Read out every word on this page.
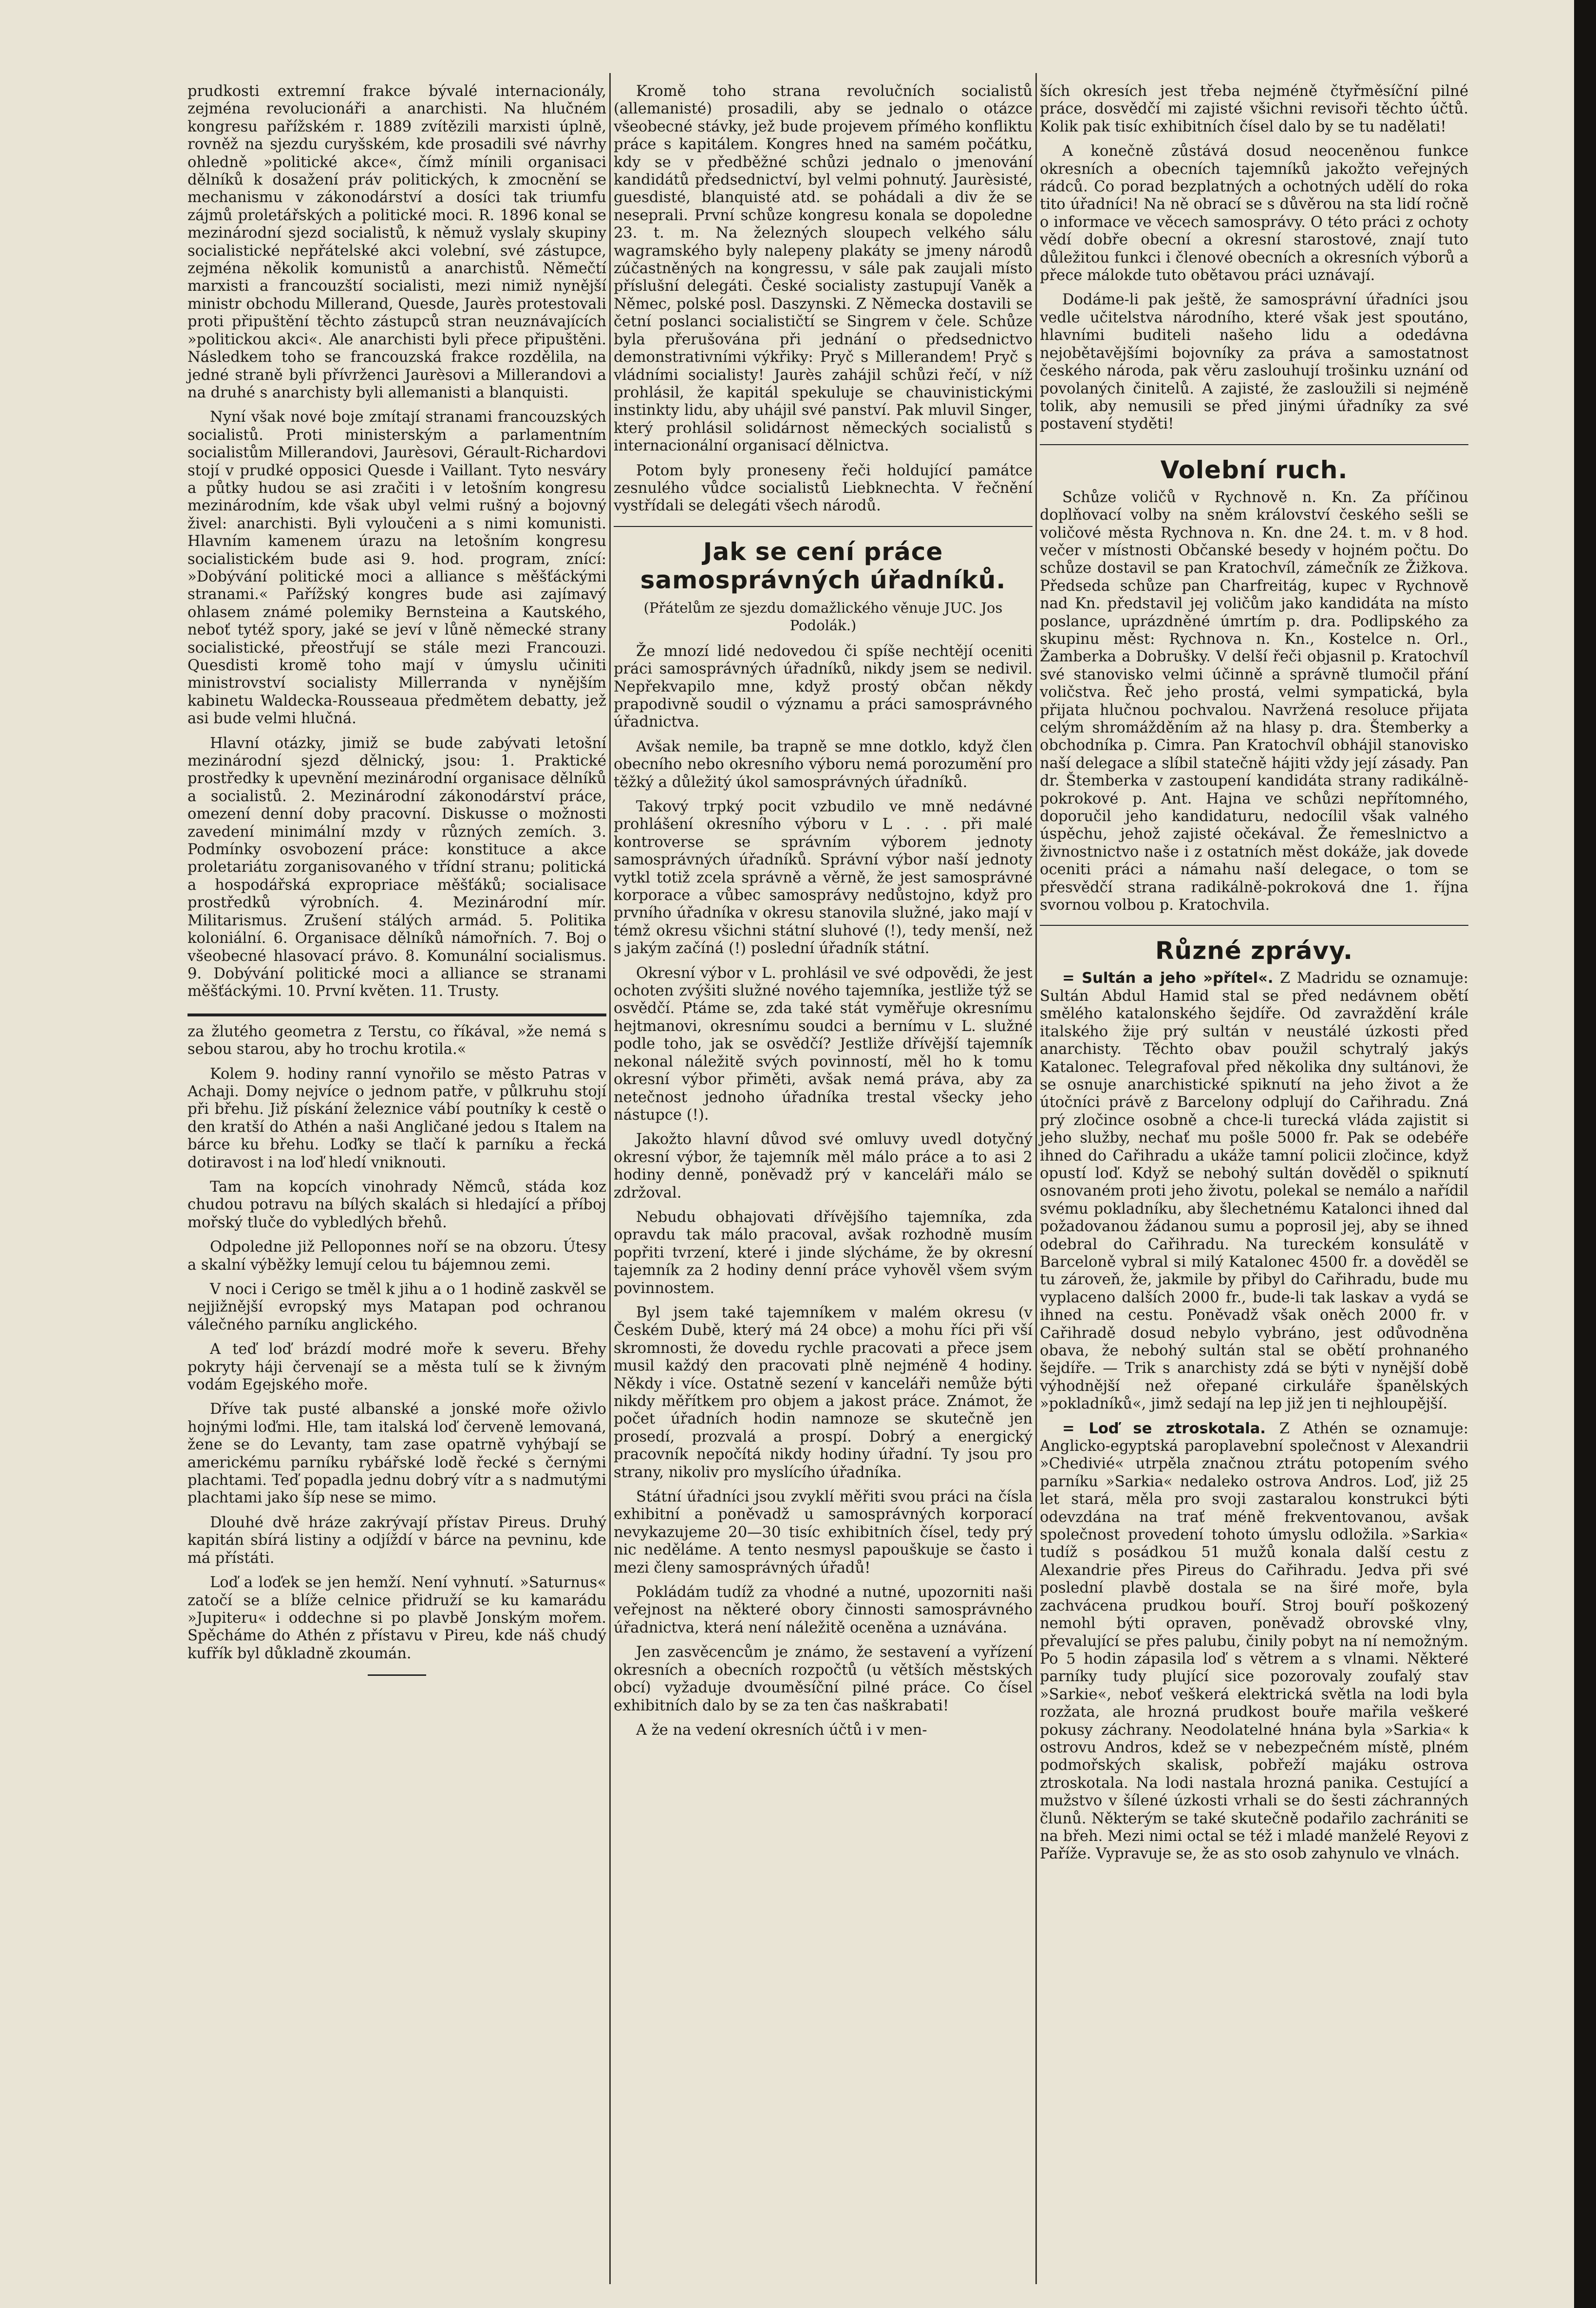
prudkosti extremní frakce bývalé internacionály, zejména revolucionáři a anarchisti. Na hlučném kongresu pařížském r. 1889 zvítězili marxisti úplně, rovněž na sjezdu curyšském, kde prosadili své návrhy ohledně »politické akce«, čímž mínili organisaci dělníků k dosažení práv politických, k zmocnění se mechanismu v zákonodárství a dosíci tak triumfu zájmů proletářských a politické moci. R. 1896 konal se mezinárodní sjezd socialistů, k němuž vyslaly skupiny socialistické nepřátelské akci volební, své zástupce, zejména několik komunistů a anarchistů. Němečtí marxisti a francouzští socialisti, mezi nimiž nynější ministr obchodu Millerand, Quesde, Jaurès protestovali proti připuštění těchto zástupců stran neuznávajících »politickou akci«. Ale anarchisti byli přece připuštěni. Následkem toho se francouzská frakce rozdělila, na jedné straně byli přívrženci Jaurèsovi a Millerandovi a na druhé s anarchisty byli allemanisti a blanquisti.

Nyní však nové boje zmítají stranami francouzských socialistů. Proti ministerským a parlamentním socialistům Millerandovi, Jaurèsovi, Gérault-Richardovi stojí v prudké opposici Quesde i Vaillant. Tyto nesváry a půtky hudou se asi zračiti i v letošním kongresu mezinárodním, kde však ubyl velmi rušný a bojovný živel: anarchisti. Byli vyloučeni a s nimi komunisti. Hlavním kamenem úrazu na letošním kongresu socialistickém bude asi 9. hod. program, znící: »Dobývání politické moci a alliance s měšťáckými stranami.« Pařížský kongres bude asi zajímavý ohlasem známé polemiky Bernsteina a Kautského, neboť tytéž spory, jaké se jeví v lůně německé strany socialistické, přeostřují se stále mezi Francouzi. Quesdisti kromě toho mají v úmyslu učiniti ministrovství socialisty Millerranda v nynějším kabinetu Waldecka-Rousseaua předmětem debatty, jež asi bude velmi hlučná.

Hlavní otázky, jimiž se bude zabývati letošní mezinárodní sjezd dělnický, jsou: 1. Praktické prostředky k upevnění mezinárodní organisace dělníků a socialistů. 2. Mezinárodní zákonodárství práce, omezení denní doby pracovní. Diskusse o možnosti zavedení minimální mzdy v různých zemích. 3. Podmínky osvobození práce: konstituce a akce proletariátu zorganisovaného v třídní stranu; politická a hospodářská expropriace měšťáků; socialisace prostředků výrobních. 4. Mezinárodní mír. Militarismus. Zrušení stálých armád. 5. Politika koloniální. 6. Organisace dělníků námořních. 7. Boj o všeobecné hlasovací právo. 8. Komunální socialismus. 9. Dobývání politické moci a alliance se stranami měšťáckými. 10. První květen. 11. Trusty.

za žlutého geometra z Terstu, co říkával, »že nemá s sebou starou, aby ho trochu krotila.«

Kolem 9. hodiny ranní vynořilo se město Patras v Achaji. Domy nejvíce o jednom patře, v půlkruhu stojí při břehu. Již pískání železnice vábí poutníky k cestě o den kratší do Athén a naši Angličané jedou s Italem na bárce ku břehu. Loďky se tlačí k parníku a řecká dotiravost i na loď hledí vniknouti.

Tam na kopcích vinohrady Němců, stáda koz chudou potravu na bílých skalách si hledající a příboj mořský tluče do vybledlých břehů.

Odpoledne již Pelloponnes noří se na obzoru. Útesy a skalní výběžky lemují celou tu bájemnou zemi.

V noci i Cerigo se tměl k jihu a o 1 hodině zaskvěl se nejjižnější evropský mys Matapan pod ochranou válečného parníku anglického.

A teď loď brázdí modré moře k severu. Břehy pokryty háji červenají se a města tulí se k živným vodám Egejského moře.

Dříve tak pusté albanské a jonské moře oživlo hojnými loďmi. Hle, tam italská loď červeně lemovaná, žene se do Levanty, tam zase opatrně vyhýbají se americkému parníku rybářské lodě řecké s černými plachtami. Teď popadla jednu dobrý vítr a s nadmutými plachtami jako šíp nese se mimo.

Dlouhé dvě hráze zakrývají přístav Pireus. Druhý kapitán sbírá listiny a odjíždí v bárce na pevninu, kde má přístáti.

Loď a loďek se jen hemží. Není vyhnutí. »Saturnus« zatočí se a blíže celnice přidruží se ku kamarádu »Jupiteru« i oddechne si po plavbě Jonským mořem. Spěcháme do Athén z přístavu v Pireu, kde náš chudý kufřík byl důkladně zkoumán.

Kromě toho strana revolučních socialistů (allemanisté) prosadili, aby se jednalo o otázce všeobecné stávky, jež bude projevem přímého konfliktu práce s kapitálem. Kongres hned na samém počátku, kdy se v předběžné schůzi jednalo o jmenování kandidátů předsednictví, byl velmi pohnutý. Jaurèsisté, guesdisté, blanquisté atd. se pohádali a div že se neseprali. První schůze kongresu konala se dopoledne 23. t. m. Na železných sloupech velkého sálu wagramského byly nalepeny plakáty se jmeny národů zúčastněných na kongressu, v sále pak zaujali místo příslušní delegáti. České socialisty zastupují Vaněk a Němec, polské posl. Daszynski. Z Německa dostavili se četní poslanci socialističtí se Singrem v čele. Schůze byla přerušována při jednání o předsednictvo demonstrativními výkřiky: Pryč s Millerandem! Pryč s vládními socialisty! Jaurès zahájil schůzi řečí, v níž prohlásil, že kapitál spekuluje se chauvinistickými instinkty lidu, aby uhájil své panství. Pak mluvil Singer, který prohlásil solidárnost německých socialistů s internacionální organisací dělnictva.

Potom byly proneseny řeči holdující památce zesnulého vůdce socialistů Liebknechta. V řečnění vystřídali se delegáti všech národů.

Jak se cení práce samosprávných úřadníků.
(Přátelům ze sjezdu domažlického věnuje JUC. Jos Podolák.)

Že mnozí lidé nedovedou či spíše nechtějí oceniti práci samosprávných úřadníků, nikdy jsem se nedivil. Nepřekvapilo mne, když prostý občan někdy prapodivně soudil o významu a práci samosprávného úřadnictva.

Avšak nemile, ba trapně se mne dotklo, když člen obecního nebo okresního výboru nemá porozumění pro těžký a důležitý úkol samosprávných úřadníků.

Takový trpký pocit vzbudilo ve mně nedávné prohlášení okresního výboru v L . . . při malé kontroverse se správním výborem jednoty samosprávných úřadníků. Správní výbor naší jednoty vytkl totiž zcela správně a věrně, že jest samosprávné korporace a vůbec samosprávy nedůstojno, když pro prvního úřadníka v okresu stanovila služné, jako mají v témž okresu všichni státní sluhové (!), tedy menší, než s jakým začíná (!) poslední úřadník státní.

Okresní výbor v L. prohlásil ve své odpovědi, že jest ochoten zvýšiti služné nového tajemníka, jestliže týž se osvědčí. Ptáme se, zda také stát vyměřuje okresnímu hejtmanovi, okresnímu soudci a bernímu v L. služné podle toho, jak se osvědčí? Jestliže dřívější tajemník nekonal náležitě svých povinností, měl ho k tomu okresní výbor přiměti, avšak nemá práva, aby za netečnost jednoho úřadníka trestal všecky jeho nástupce (!).

Jakožto hlavní důvod své omluvy uvedl dotyčný okresní výbor, že tajemník měl málo práce a to asi 2 hodiny denně, poněvadž prý v kanceláři málo se zdržoval.

Nebudu obhajovati dřívějšího tajemníka, zda opravdu tak málo pracoval, avšak rozhodně musím popřiti tvrzení, které i jinde slýcháme, že by okresní tajemník za 2 hodiny denní práce vyhověl všem svým povinnostem.

Byl jsem také tajemníkem v malém okresu (v Českém Dubě, který má 24 obce) a mohu říci při vší skromnosti, že dovedu rychle pracovati a přece jsem musil každý den pracovati plně nejméně 4 hodiny. Někdy i více. Ostatně sezení v kanceláři nemůže býti nikdy měřítkem pro objem a jakost práce. Známot, že počet úřadních hodin namnoze se skutečně jen prosedí, prozvalá a prospí. Dobrý a energický pracovník nepočítá nikdy hodiny úřadní. Ty jsou pro strany, nikoliv pro myslícího úřadníka.

Státní úřadníci jsou zvyklí měřiti svou práci na čísla exhibitní a poněvadž u samosprávných korporací nevykazujeme 20—30 tisíc exhibitních čísel, tedy prý nic neděláme. A tento nesmysl papouškuje se často i mezi členy samosprávných úřadů!

Pokládám tudíž za vhodné a nutné, upozorniti naši veřejnost na některé obory činnosti samosprávného úřadnictva, která není náležitě oceněna a uznávána.

Jen zasvěcencům je známo, že sestavení a vyřízení okresních a obecních rozpočtů (u větších městských obcí) vyžaduje dvouměsíční pilné práce. Co čísel exhibitních dalo by se za ten čas naškrabati!

A že na vedení okresních účtů i v men-

ších okresích jest třeba nejméně čtyřměsíční pilné práce, dosvědčí mi zajisté všichni revisoři těchto účtů. Kolik pak tisíc exhibitních čísel dalo by se tu nadělati!

A konečně zůstává dosud neoceněnou funkce okresních a obecních tajemníků jakožto veřejných rádců. Co porad bezplatných a ochotných udělí do roka tito úřadníci! Na ně obrací se s důvěrou na sta lidí ročně o informace ve věcech samosprávy. O této práci z ochoty vědí dobře obecní a okresní starostové, znají tuto důležitou funkci i členové obecních a okresních výborů a přece málokde tuto obětavou práci uznávají.

Dodáme-li pak ještě, že samosprávní úřadníci jsou vedle učitelstva národního, které však jest spoutáno, hlavními buditeli našeho lidu a odedávna nejobětavějšími bojovníky za práva a samostatnost českého národa, pak věru zaslouhují trošinku uznání od povolaných činitelů. A zajisté, že zasloužili si nejméně tolik, aby nemusili se před jinými úřadníky za své postavení styděti!

Volební ruch.

Schůze voličů v Rychnově n. Kn. Za příčinou doplňovací volby na sněm království českého sešli se voličové města Rychnova n. Kn. dne 24. t. m. v 8 hod. večer v místnosti Občanské besedy v hojném počtu. Do schůze dostavil se pan Kratochvíl, zámečník ze Žižkova. Předseda schůze pan Charfreitág, kupec v Rychnově nad Kn. představil jej voličům jako kandidáta na místo poslance, uprázdněné úmrtím p. dra. Podlipského za skupinu měst: Rychnova n. Kn., Kostelce n. Orl., Žamberka a Dobrušky. V delší řeči objasnil p. Kratochvíl své stanovisko velmi účinně a správně tlumočil přání voličstva. Řeč jeho prostá, velmi sympatická, byla přijata hlučnou pochvalou. Navržená resoluce přijata celým shromážděním až na hlasy p. dra. Štemberky a obchodníka p. Cimra. Pan Kratochvíl obhájil stanovisko naší delegace a slíbil statečně hájiti vždy její zásady. Pan dr. Štemberka v zastoupení kandidáta strany radikálně-pokrokové p. Ant. Hajna ve schůzi nepřítomného, doporučil jeho kandidaturu, nedocílil však valného úspěchu, jehož zajisté očekával. Že řemeslnictvo a živnostnictvo naše i z ostatních měst dokáže, jak dovede oceniti práci a námahu naší delegace, o tom se přesvědčí strana radikálně-pokroková dne 1. října svornou volbou p. Kratochvila.

Různé zprávy.

= Sultán a jeho »přítel«. Z Madridu se oznamuje: Sultán Abdul Hamid stal se před nedávnem obětí smělého katalonského šejdíře. Od zavraždění krále italského žije prý sultán v neustálé úzkosti před anarchisty. Těchto obav použil schytralý jakýs Katalonec. Telegrafoval před několika dny sultánovi, že se osnuje anarchistické spiknutí na jeho život a že útočníci právě z Barcelony odplují do Cařihradu. Zná prý zločince osobně a chce-li turecká vláda zajistit si jeho služby, nechať mu pošle 5000 fr. Pak se odebéře ihned do Cařihradu a ukáže tamní policii zločince, když opustí loď. Když se nebohý sultán dověděl o spiknutí osnovaném proti jeho životu, polekal se nemálo a nařídil svému pokladníku, aby šlechetnému Katalonci ihned dal požadovanou žádanou sumu a poprosil jej, aby se ihned odebral do Cařihradu. Na tureckém konsulátě v Barceloně vybral si milý Katalonec 4500 fr. a dověděl se tu zároveň, že, jakmile by přibyl do Cařihradu, bude mu vyplaceno dalších 2000 fr., bude-li tak laskav a vydá se ihned na cestu. Poněvadž však oněch 2000 fr. v Cařihradě dosud nebylo vybráno, jest odůvodněna obava, že nebohý sultán stal se obětí prohnaného šejdíře. — Trik s anarchisty zdá se býti v nynější době výhodnější než ořepané cirkuláře španělských »pokladníků«, jimž sedají na lep již jen ti nejhloupější.

= Loď se ztroskotala. Z Athén se oznamuje: Anglicko-egyptská paroplavební společnost v Alexandrii »Chedivié« utrpěla značnou ztrátu potopením svého parníku »Sarkia« nedaleko ostrova Andros. Loď, již 25 let stará, měla pro svoji zastaralou konstrukci býti odevzdána na trať méně frekventovanou, avšak společnost provedení tohoto úmyslu odložila. »Sarkia« tudíž s posádkou 51 mužů konala další cestu z Alexandrie přes Pireus do Cařihradu. Jedva při své poslední plavbě dostala se na širé moře, byla zachvácena prudkou bouří. Stroj bouří poškozený nemohl býti opraven, poněvadž obrovské vlny, převalující se přes palubu, činily pobyt na ní nemožným. Po 5 hodin zápasila loď s větrem a s vlnami. Některé parníky tudy plující sice pozorovaly zoufalý stav »Sarkie«, neboť veškerá elektrická světla na lodi byla rozžata, ale hrozná prudkost bouře mařila veškeré pokusy záchrany. Neodolatelné hnána byla »Sarkia« k ostrovu Andros, kdež se v nebezpečném místě, plném podmořských skalisk, pobřeží majáku ostrova ztroskotala. Na lodi nastala hrozná panika. Cestující a mužstvo v šílené úzkosti vrhali se do šesti záchranných člunů. Některým se také skutečně podařilo zachrániti se na břeh. Mezi nimi octal se též i mladé manželé Reyovi z Paříže. Vypravuje se, že as sto osob zahynulo ve vlnách.
